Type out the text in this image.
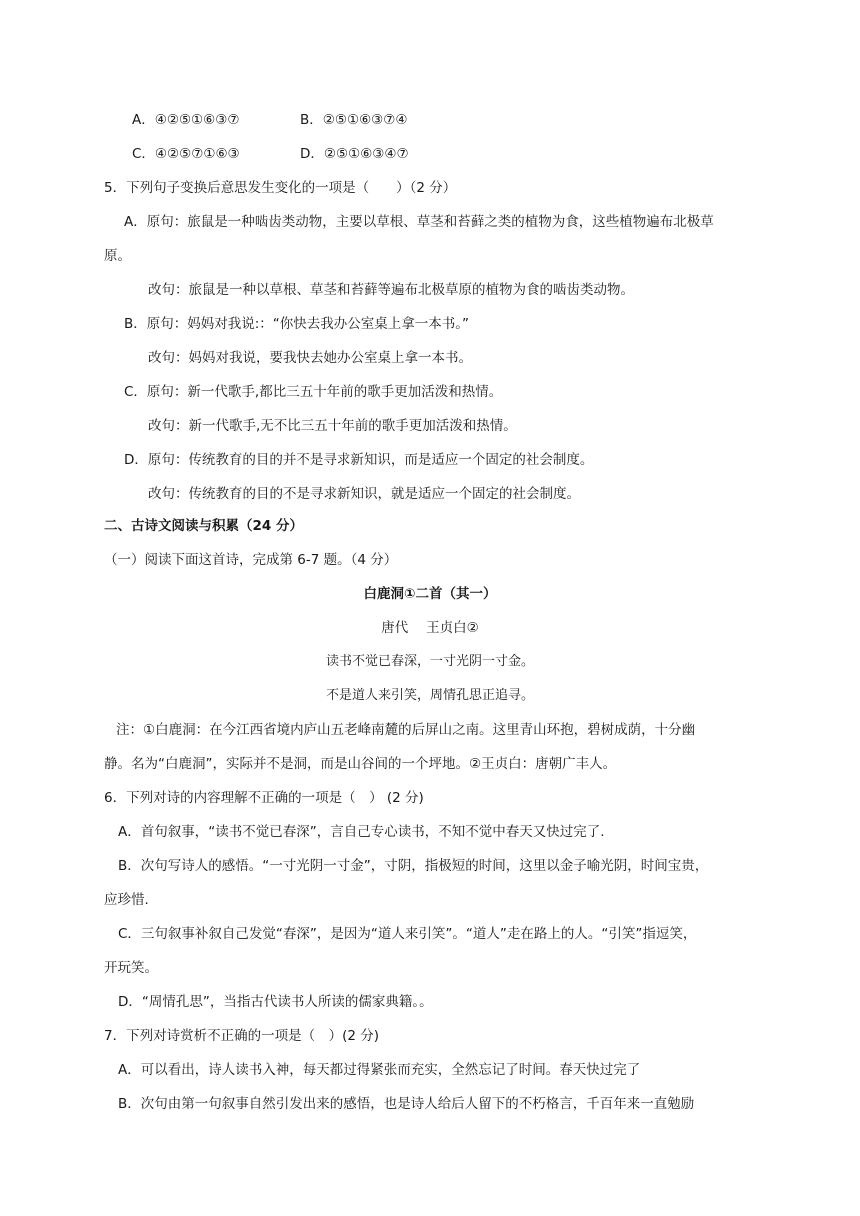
A．④②⑤①⑥③⑦	B．②⑤①⑥③⑦④
C．④②⑤⑦①⑥③	D．②⑤①⑥③④⑦
5．下列句子变换后意思发生变化的一项是（　　）（2 分）
A．原句：旅鼠是一种啮齿类动物，主要以草根、草茎和苔藓之类的植物为食，这些植物遍布北极草
原。
改句：旅鼠是一种以草根、草茎和苔藓等遍布北极草原的植物为食的啮齿类动物。
B．原句：妈妈对我说:：“你快去我办公室桌上拿一本书。”
改句：妈妈对我说，要我快去她办公室桌上拿一本书。
C．原句：新一代歌手,都比三五十年前的歌手更加活泼和热情。
改句：新一代歌手,无不比三五十年前的歌手更加活泼和热情。
D．原句：传统教育的目的并不是寻求新知识，而是适应一个固定的社会制度。
改句：传统教育的目的不是寻求新知识，就是适应一个固定的社会制度。
二、古诗文阅读与积累（24 分）
（一）阅读下面这首诗，完成第 6-7 题。（4 分）
白鹿洞①二首（其一）
唐代　 王贞白②
读书不觉已春深，一寸光阴一寸金。
不是道人来引笑，周情孔思正追寻。
注：①白鹿洞：在今江西省境内庐山五老峰南麓的后屏山之南。这里青山环抱，碧树成荫，十分幽
静。名为“白鹿洞”，实际并不是洞，而是山谷间的一个坪地。②王贞白：唐朝广丰人。
6．下列对诗的内容理解不正确的一项是（　） (2 分)
A．首句叙事，“读书不觉已春深”，言自己专心读书，不知不觉中春天又快过完了.
B．次句写诗人的感悟。“一寸光阴一寸金”，寸阴，指极短的时间，这里以金子喻光阴，时间宝贵，
应珍惜.
C．三句叙事补叙自己发觉“春深”，是因为“道人来引笑”。“道人”走在路上的人。“引笑”指逗笑，
开玩笑。
D．“周情孔思”，当指古代读书人所读的儒家典籍。。
7．下列对诗赏析不正确的一项是（　）(2 分)
A．可以看出，诗人读书入神，每天都过得紧张而充实，全然忘记了时间。春天快过完了
B．次句由第一句叙事自然引发出来的感悟，也是诗人给后人留下的不朽格言，千百年来一直勉励
